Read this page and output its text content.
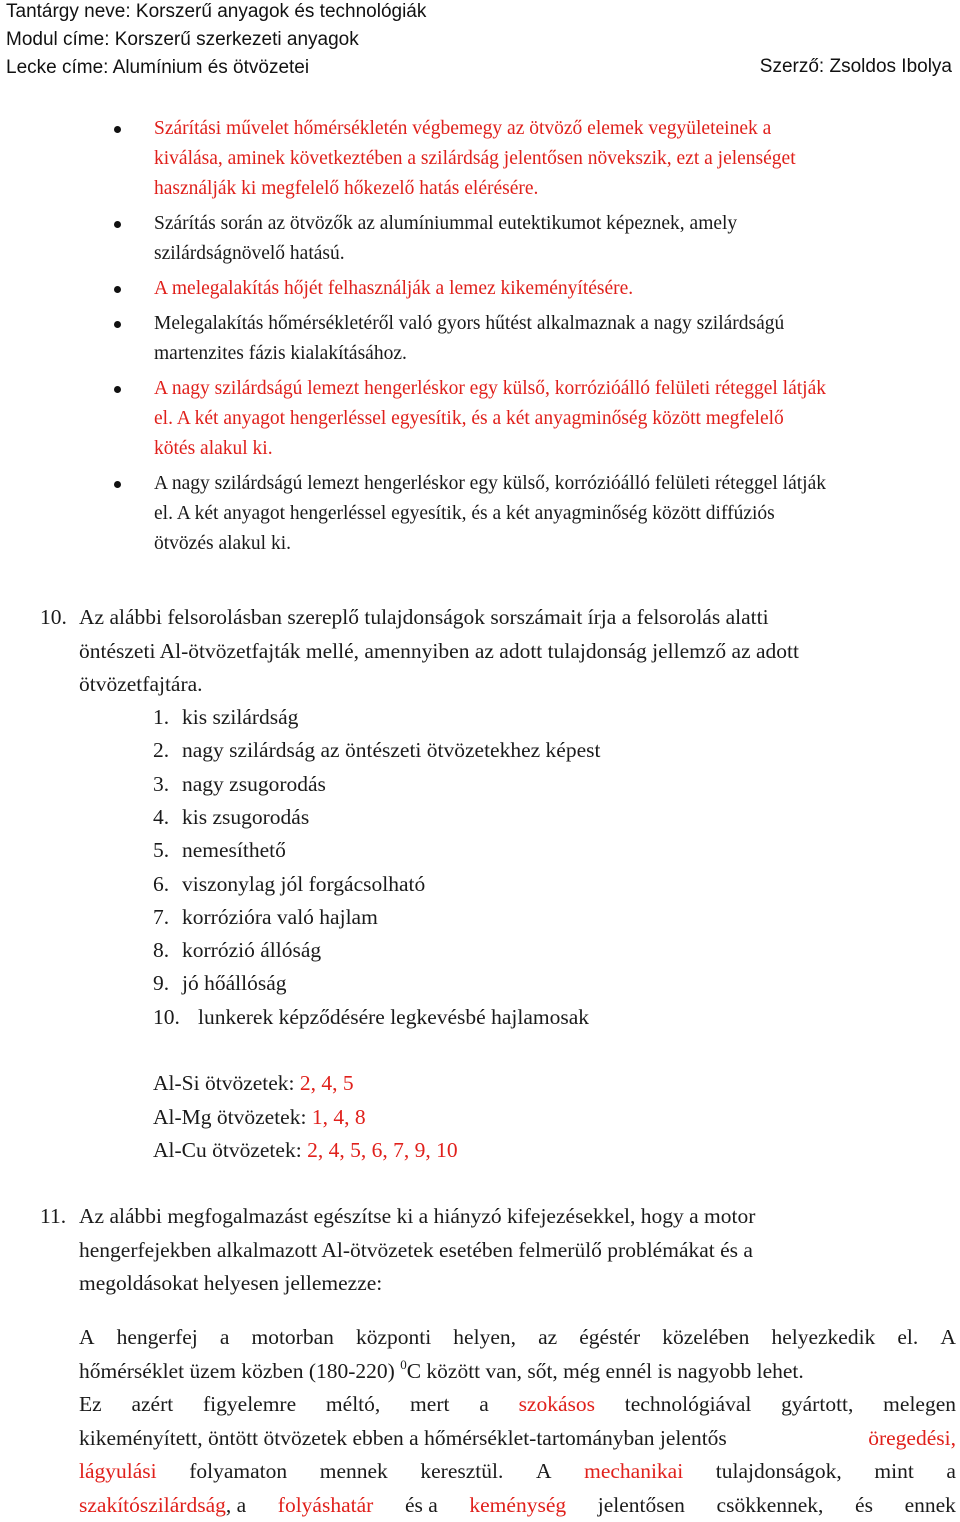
Tantárgy neve: Korszerű anyagok és technológiák
Modul címe: Korszerű szerkezeti anyagok
Lecke címe: Alumínium és ötvözetei	Szerző: Zsoldos Ibolya
Szárítási művelet hőmérsékletén végbemegy az ötvöző elemek vegyületeinek a
kiválása, aminek következtében a szilárdság jelentősen növekszik, ezt a jelenséget
használják ki megfelelő hőkezelő hatás elérésére.
Szárítás során az ötvözők az alumíniummal eutektikumot képeznek, amely
szilárdságnövelő hatású.
A melegalakítás hőjét felhasználják a lemez kikeményítésére.
Melegalakítás hőmérsékletéről való gyors hűtést alkalmaznak a nagy szilárdságú
martenzites fázis kialakításához.
A nagy szilárdságú lemezt hengerléskor egy külső, korrózióálló felületi réteggel látják
el. A két anyagot hengerléssel egyesítik, és a két anyagminőség között megfelelő
kötés alakul ki.
A nagy szilárdságú lemezt hengerléskor egy külső, korrózióálló felületi réteggel látják
el. A két anyagot hengerléssel egyesítik, és a két anyagminőség között diffúziós
ötvözés alakul ki.
10. Az alábbi felsorolásban szereplő tulajdonságok sorszámait írja a felsorolás alatti
öntészeti Al-ötvözetfajták mellé, amennyiben az adott tulajdonság jellemző az adott
ötvözetfajtára.
1. kis szilárdság
2. nagy szilárdság az öntészeti ötvözetekhez képest
3. nagy zsugorodás
4. kis zsugorodás
5. nemesíthető
6. viszonylag jól forgácsolható
7. korrózióra való hajlam
8. korrózió állóság
9. jó hőállóság
10. lunkerek képződésére legkevésbé hajlamosak
Al-Si ötvözetek: 2, 4, 5
Al-Mg ötvözetek: 1, 4, 8
Al-Cu ötvözetek: 2, 4, 5, 6, 7, 9, 10
11. Az alábbi megfogalmazást egészítse ki a hiányzó kifejezésekkel, hogy a motor
hengerfejekben alkalmazott Al-ötvözetek esetében felmerülő problémákat és a
megoldásokat helyesen jellemezze:
A hengerfej a motorban központi helyen, az égéstér közelében helyezkedik el. A
hőmérséklet üzem közben (180-220) $^0$C között van, sőt, még ennél is nagyobb lehet.
Ez azért figyelemre méltó, mert a szokásos technológiával gyártott, melegen
kikeményített, öntött ötvözetek ebben a hőmérséklet-tartományban jelentős	öregedési,
lágyulási folyamaton mennek keresztül. A mechanikai tulajdonságok, mint a
szakítószilárdság, a folyáshatár és a keménység jelentősen csökkennek, és ennek
